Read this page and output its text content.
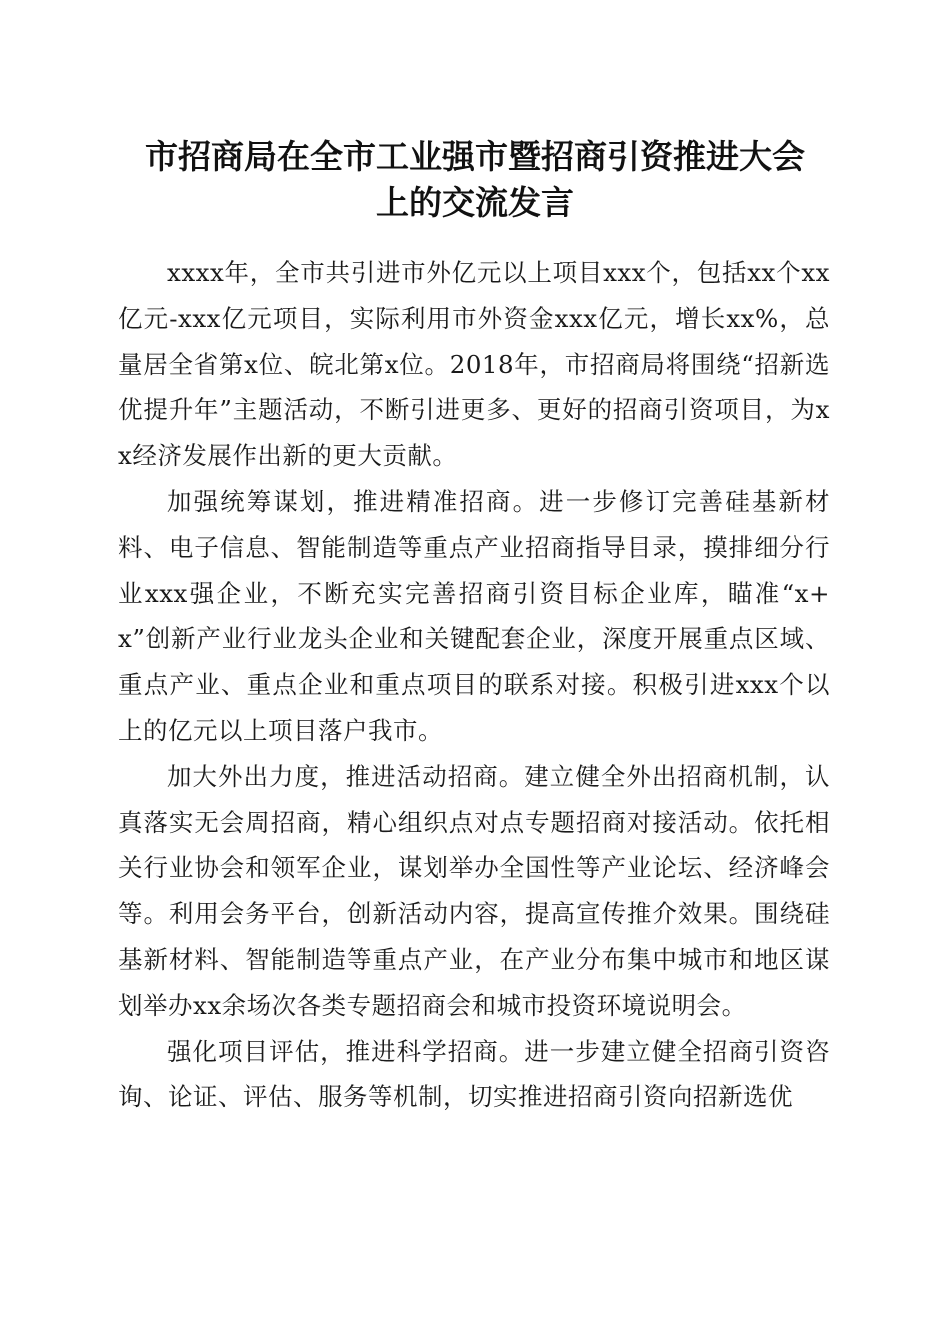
市招商局在全市工业强市暨招商引资推进大会
上的交流发言

xxxx年，全市共引进市外亿元以上项目xxx个，包括xx个xx亿元-xxx亿元项目，实际利用市外资金xxx亿元，增长xx%，总量居全省第x位、皖北第x位。2018年，市招商局将围绕“招新选优提升年”主题活动，不断引进更多、更好的招商引资项目，为xx经济发展作出新的更大贡献。

加强统筹谋划，推进精准招商。进一步修订完善硅基新材料、电子信息、智能制造等重点产业招商指导目录，摸排细分行业xxx强企业，不断充实完善招商引资目标企业库，瞄准“x+x”创新产业行业龙头企业和关键配套企业，深度开展重点区域、重点产业、重点企业和重点项目的联系对接。积极引进xxx个以上的亿元以上项目落户我市。

加大外出力度，推进活动招商。建立健全外出招商机制，认真落实无会周招商，精心组织点对点专题招商对接活动。依托相关行业协会和领军企业，谋划举办全国性等产业论坛、经济峰会等。利用会务平台，创新活动内容，提高宣传推介效果。围绕硅基新材料、智能制造等重点产业，在产业分布集中城市和地区谋划举办xx余场次各类专题招商会和城市投资环境说明会。

强化项目评估，推进科学招商。进一步建立健全招商引资咨询、论证、评估、服务等机制，切实推进招商引资向招新选优
